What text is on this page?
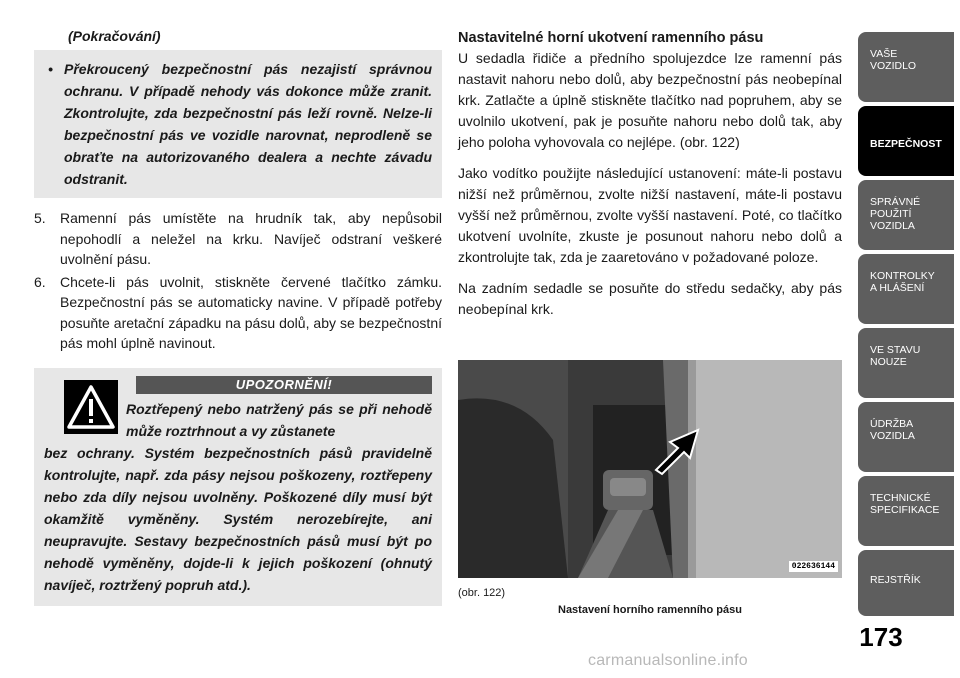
(Pokračování)
• Překroucený bezpečnostní pás nezajistí správnou ochranu. V případě nehody vás dokonce může zranit. Zkontrolujte, zda bezpečnostní pás leží rovně. Nelze-li bezpečnostní pás ve vozidle narovnat, neprodleně se obraťte na autorizovaného dealera a nechte závadu odstranit.
5.	Ramenní pás umístěte na hrudník tak, aby nepůsobil nepohodlí a neležel na krku. Navíječ odstraní veškeré uvolnění pásu.
6.	Chcete-li pás uvolnit, stiskněte červené tlačítko zámku. Bezpečnostní pás se automaticky navine. V případě potřeby posuňte aretační západku na pásu dolů, aby se bezpečnostní pás mohl úplně navinout.
UPOZORNĚNÍ!
Roztřepený nebo natržený pás se při nehodě může roztrhnout a vy zůstanete
bez ochrany. Systém bezpečnostních pásů pravidelně kontrolujte, např. zda pásy nejsou poškozeny, roztřepeny nebo zda díly nejsou uvolněny. Poškozené díly musí být okamžitě vyměněny. Systém nerozebírejte, ani neupravujte. Sestavy bezpečnostních pásů musí být po nehodě vyměněny, dojde-li k jejich poškození (ohnutý navíječ, roztržený popruh atd.).
Nastavitelné horní ukotvení ramenního pásu

U sedadla řidiče a předního spolujezdce lze ramenní pás nastavit nahoru nebo dolů, aby bezpečnostní pás neobepínal krk. Zatlačte a úplně stiskněte tlačítko nad popruhem, aby se uvolnilo ukotvení, pak je posuňte nahoru nebo dolů tak, aby jeho poloha vyhovovala co nejlépe. (obr. 122)

Jako vodítko použijte následující ustanovení: máte-li postavu nižší než průměrnou, zvolte nižší nastavení, máte-li postavu vyšší než průměrnou, zvolte vyšší nastavení. Poté, co tlačítko ukotvení uvolníte, zkuste je posunout nahoru nebo dolů a zkontrolujte tak, zda je zaaretováno v požadované poloze.

Na zadním sedadle se posuňte do středu sedačky, aby pás neobepínal krk.

022636144
(obr. 122)
Nastavení horního ramenního pásu
VAŠE
VOZIDLO
BEZPEČNOST
SPRÁVNÉ
POUŽITÍ
VOZIDLA
KONTROLKY
A HLÁŠENÍ
VE STAVU
NOUZE
ÚDRŽBA
VOZIDLA
TECHNICKÉ
SPECIFIKACE
REJSTŘÍK
173
carmanualsonline.info
